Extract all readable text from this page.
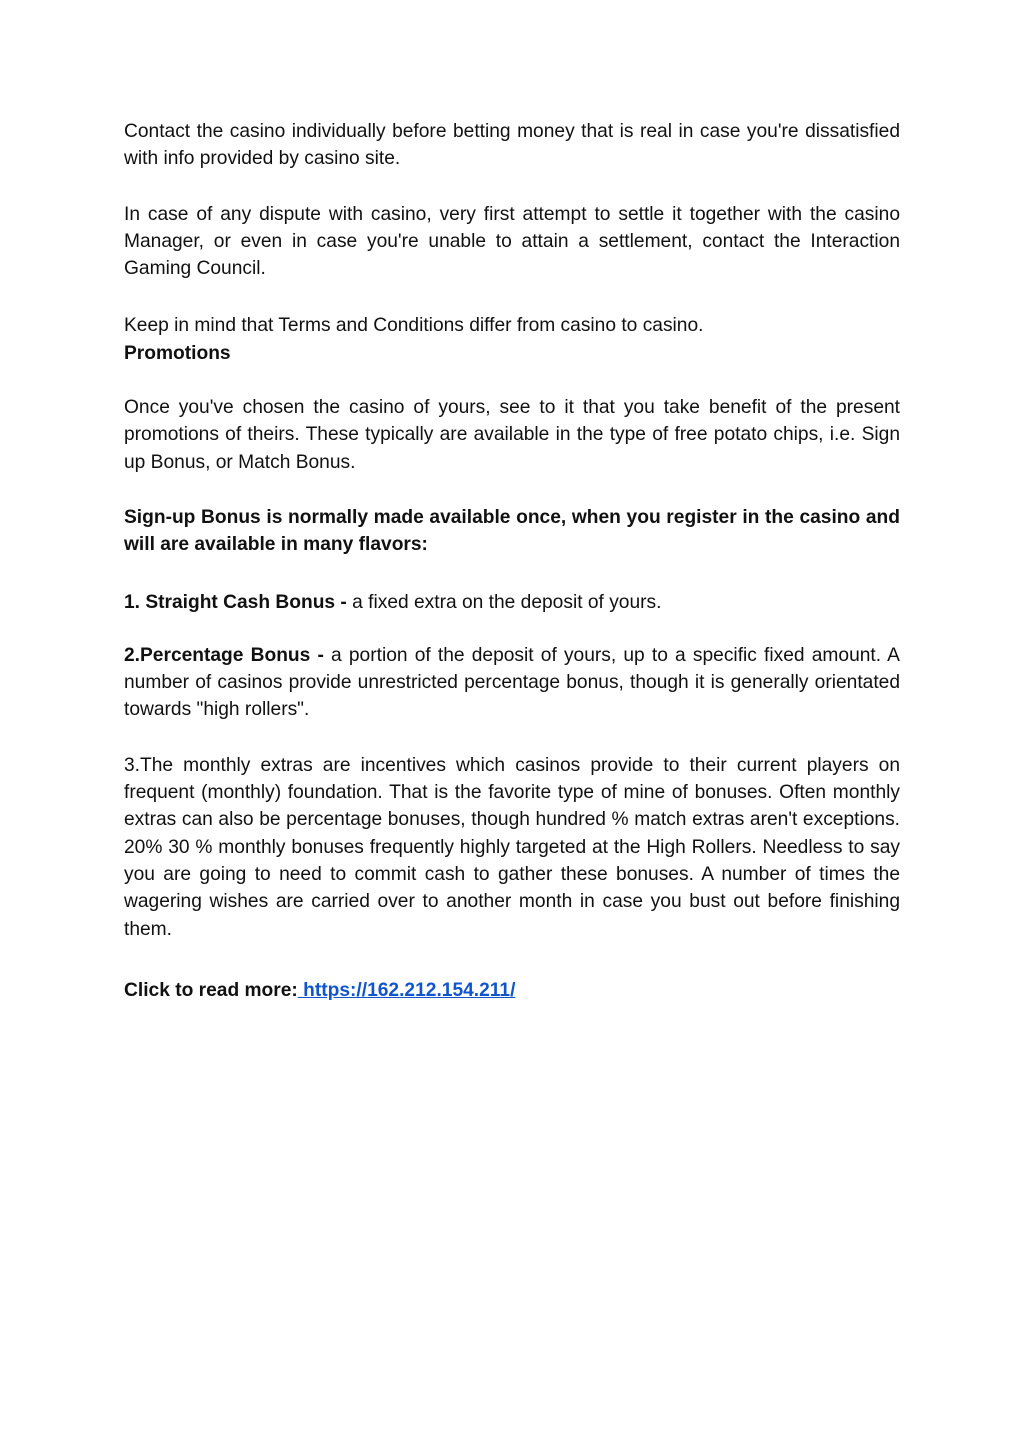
Contact the casino individually before betting money that is real in case you're dissatisfied with info provided by casino site.

In case of any dispute with casino, very first attempt to settle it together with the casino Manager, or even in case you're unable to attain a settlement, contact the Interaction Gaming Council.

Keep in mind that Terms and Conditions differ from casino to casino.

Promotions

Once you've chosen the casino of yours, see to it that you take benefit of the present promotions of theirs. These typically are available in the type of free potato chips, i.e. Sign up Bonus, or Match Bonus.

Sign-up Bonus is normally made available once, when you register in the casino and will are available in many flavors:

1. Straight Cash Bonus - a fixed extra on the deposit of yours.

2.Percentage Bonus - a portion of the deposit of yours, up to a specific fixed amount. A number of casinos provide unrestricted percentage bonus, though it is generally orientated towards "high rollers".

3.The monthly extras are incentives which casinos provide to their current players on frequent (monthly) foundation. That is the favorite type of mine of bonuses. Often monthly extras can also be percentage bonuses, though hundred % match extras aren't exceptions. 20% 30 % monthly bonuses frequently highly targeted at the High Rollers. Needless to say you are going to need to commit cash to gather these bonuses. A number of times the wagering wishes are carried over to another month in case you bust out before finishing them.

Click to read more: https://162.212.154.211/
